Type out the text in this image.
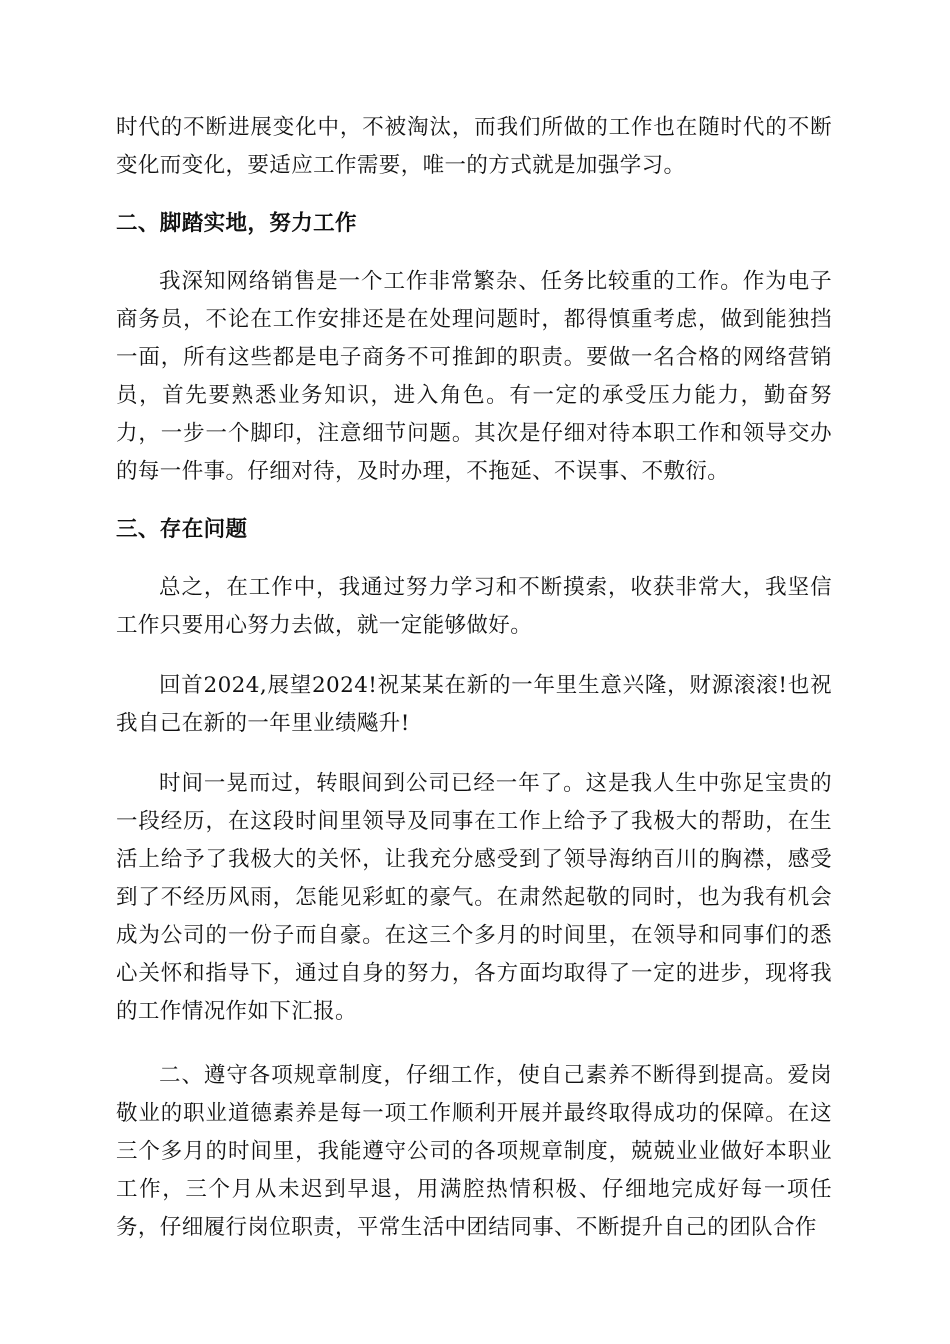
时代的不断进展变化中，不被淘汰，而我们所做的工作也在随时代的不断变化而变化，要适应工作需要，唯一的方式就是加强学习。

二、脚踏实地，努力工作

我深知网络销售是一个工作非常繁杂、任务比较重的工作。作为电子商务员，不论在工作安排还是在处理问题时，都得慎重考虑，做到能独挡一面，所有这些都是电子商务不可推卸的职责。要做一名合格的网络营销员，首先要熟悉业务知识，进入角色。有一定的承受压力能力，勤奋努力，一步一个脚印，注意细节问题。其次是仔细对待本职工作和领导交办的每一件事。仔细对待，及时办理，不拖延、不误事、不敷衍。

三、存在问题

总之，在工作中，我通过努力学习和不断摸索，收获非常大，我坚信工作只要用心努力去做，就一定能够做好。

回首2024,展望2024!祝某某在新的一年里生意兴隆，财源滚滚!也祝我自己在新的一年里业绩飚升!

时间一晃而过，转眼间到公司已经一年了。这是我人生中弥足宝贵的一段经历，在这段时间里领导及同事在工作上给予了我极大的帮助，在生活上给予了我极大的关怀，让我充分感受到了领导海纳百川的胸襟，感受到了不经历风雨，怎能见彩虹的豪气。在肃然起敬的同时，也为我有机会成为公司的一份子而自豪。在这三个多月的时间里，在领导和同事们的悉心关怀和指导下，通过自身的努力，各方面均取得了一定的进步，现将我的工作情况作如下汇报。

二、遵守各项规章制度，仔细工作，使自己素养不断得到提高。爱岗敬业的职业道德素养是每一项工作顺利开展并最终取得成功的保障。在这三个多月的时间里，我能遵守公司的各项规章制度，兢兢业业做好本职业工作，三个月从未迟到早退，用满腔热情积极、仔细地完成好每一项任务，仔细履行岗位职责，平常生活中团结同事、不断提升自己的团队合作
